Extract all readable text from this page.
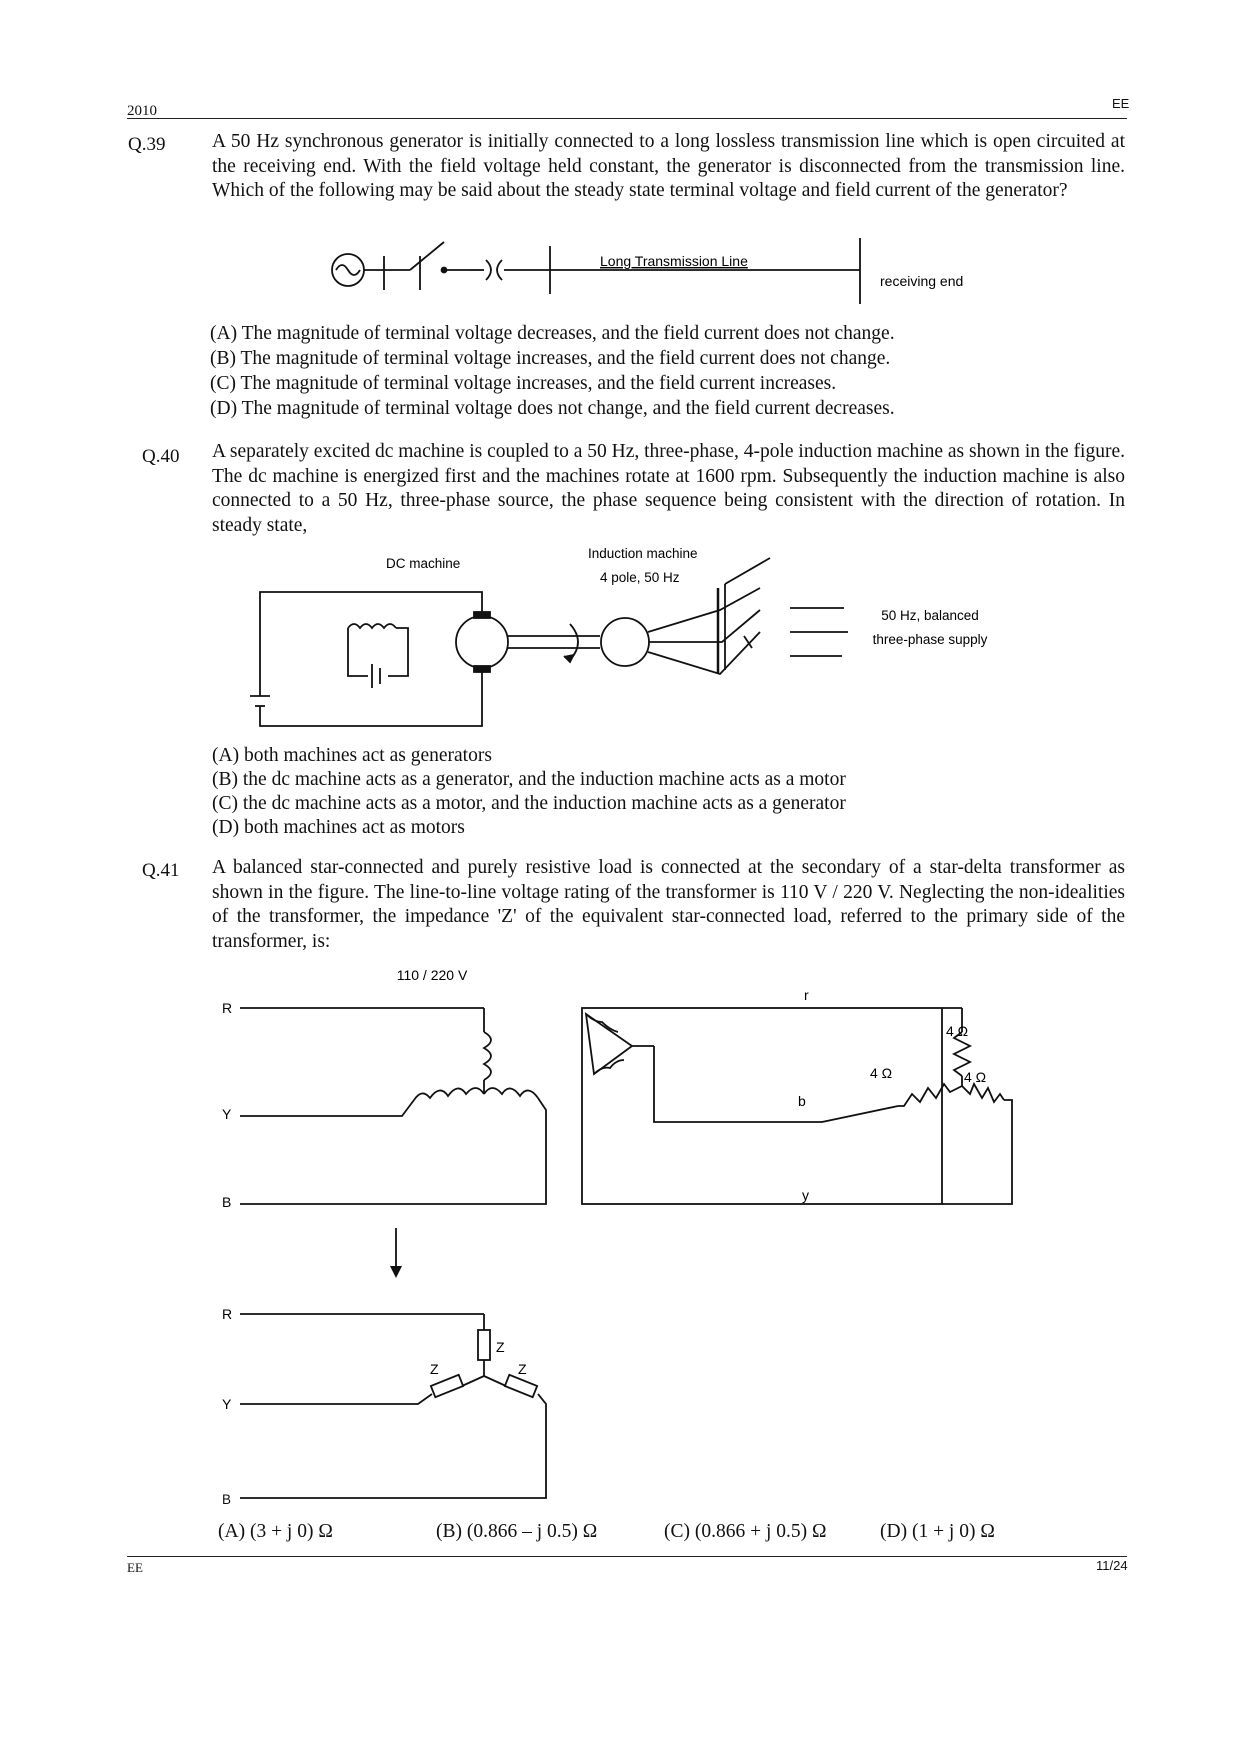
2010	EE
Q.39 A 50 Hz synchronous generator is initially connected to a long lossless transmission line which is open circuited at the receiving end. With the field voltage held constant, the generator is disconnected from the transmission line. Which of the following may be said about the steady state terminal voltage and field current of the generator?
Long Transmission Line
receiving end
(A) The magnitude of terminal voltage decreases, and the field current does not change.
(B) The magnitude of terminal voltage increases, and the field current does not change.
(C) The magnitude of terminal voltage increases, and the field current increases.
(D) The magnitude of terminal voltage does not change, and the field current decreases.
Q.40 A separately excited dc machine is coupled to a 50 Hz, three-phase, 4-pole induction machine as shown in the figure. The dc machine is energized first and the machines rotate at 1600 rpm. Subsequently the induction machine is also connected to a 50 Hz, three-phase source, the phase sequence being consistent with the direction of rotation. In steady state,
DC machine
Induction machine
4 pole, 50 Hz
50 Hz, balanced
three-phase supply
(A) both machines act as generators
(B) the dc machine acts as a generator, and the induction machine acts as a motor
(C) the dc machine acts as a motor, and the induction machine acts as a generator
(D) both machines act as motors
Q.41 A balanced star-connected and purely resistive load is connected at the secondary of a star-delta transformer as shown in the figure. The line-to-line voltage rating of the transformer is 110 V / 220 V. Neglecting the non-idealities of the transformer, the impedance 'Z' of the equivalent star-connected load, referred to the primary side of the transformer, is:
110 / 220 V
R
Y
B
r
b
y
4 Ω
4 Ω	4 Ω
R
Y
Z
Z	Z
B
(A) (3 + j 0) Ω	(B) (0.866 – j 0.5) Ω	(C) (0.866 + j 0.5) Ω	(D) (1 + j 0) Ω
EE	11/24
